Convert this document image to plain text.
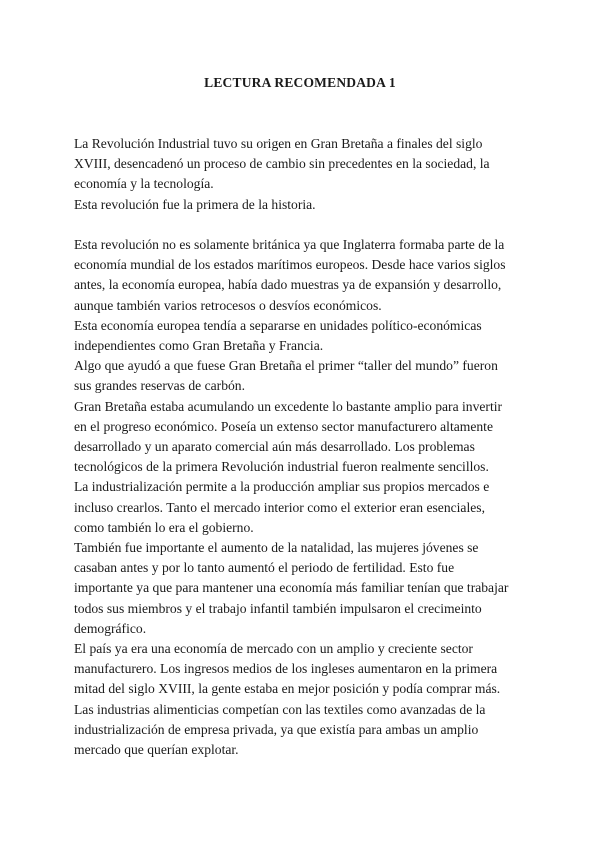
LECTURA RECOMENDADA 1

La Revolución Industrial tuvo su origen en Gran Bretaña a finales del siglo

XVIII, desencadenó un proceso de cambio sin precedentes en la sociedad, la

economía y la tecnología.

Esta revolución fue la primera de la historia.

Esta revolución no es solamente británica ya que Inglaterra formaba parte de la

economía mundial de los estados marítimos europeos. Desde hace varios siglos

antes, la economía europea, había dado muestras ya de expansión y desarrollo,

aunque también varios retrocesos o desvíos económicos.

Esta economía europea tendía a separarse en unidades político-económicas

independientes como Gran Bretaña y Francia.

Algo que ayudó a que fuese Gran Bretaña el primer “taller del mundo” fueron

sus grandes reservas de carbón.

Gran Bretaña estaba acumulando un excedente lo bastante amplio para invertir

en el progreso económico. Poseía un extenso sector manufacturero altamente

desarrollado y un aparato comercial aún más desarrollado. Los problemas

tecnológicos de la primera Revolución industrial fueron realmente sencillos.

La industrialización permite a la producción ampliar sus propios mercados e

incluso crearlos. Tanto el mercado interior como el exterior eran esenciales,

como también lo era el gobierno.

También fue importante el aumento de la natalidad, las mujeres jóvenes se

casaban antes y por lo tanto aumentó el periodo de fertilidad. Esto fue

importante ya que para mantener una economía más familiar tenían que trabajar

todos sus miembros y el trabajo infantil también impulsaron el crecimeinto

demográfico.

El país ya era una economía de mercado con un amplio y creciente sector

manufacturero. Los ingresos medios de los ingleses aumentaron en la primera

mitad del siglo XVIII, la gente estaba en mejor posición y podía comprar más.

Las industrias alimenticias competían con las textiles como avanzadas de la

industrialización de empresa privada, ya que existía para ambas un amplio

mercado que querían explotar.
